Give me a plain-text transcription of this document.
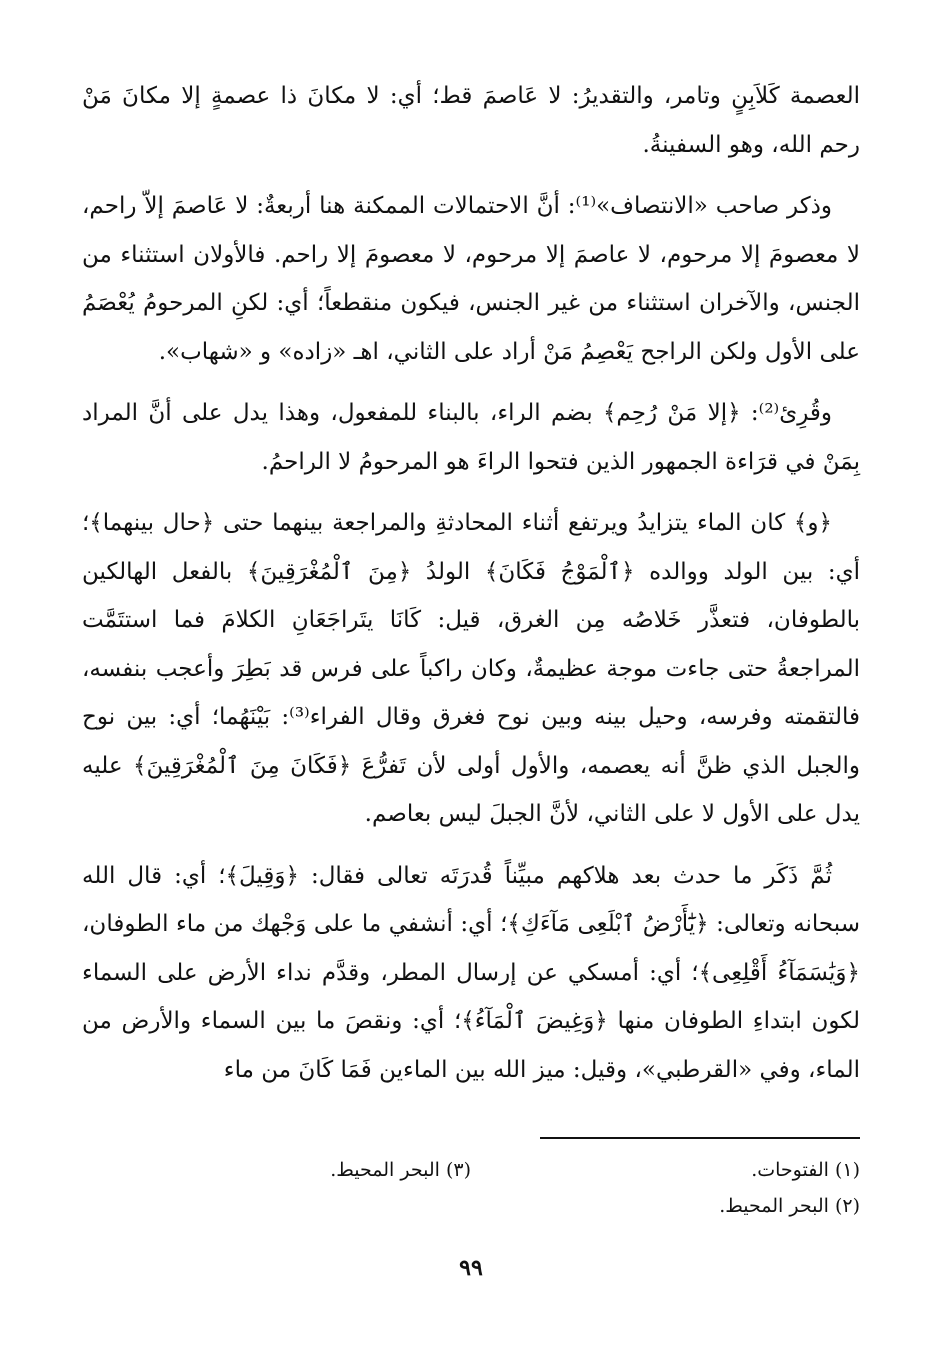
العصمة كَلاَبِنٍ وتامر، والتقديرُ: لا عَاصمَ قط؛ أي: لا مكانَ ذا عصمةٍ إلا مكانَ مَنْ رحم الله، وهو السفينةُ.

وذكر صاحب «الانتصاف»⁽¹⁾: أنَّ الاحتمالات الممكنة هنا أربعةٌ: لا عَاصمَ إلاّ راحم، لا معصومَ إلا مرحوم، لا عاصمَ إلا مرحوم، لا معصومَ إلا راحم. فالأولان استثناء من الجنس، والآخران استثناء من غير الجنس، فيكون منقطعاً؛ أي: لكنِ المرحومُ يُعْصَمُ على الأول ولكن الراجح يَعْصِمُ مَنْ أراد على الثاني، اهـ «زاده» و «شهاب».

وقُرِئ⁽²⁾: ﴿إلا مَنْ رُحِم﴾ بضم الراء، بالبناء للمفعول، وهذا يدل على أنَّ المراد بِمَنْ في قرَاءة الجمهور الذين فتحوا الراءَ هو المرحومُ لا الراحمُ.

﴿و﴾ كان الماء يتزايدُ ويرتفع أثناء المحادثةِ والمراجعة بينهما حتى ﴿حال بينهما﴾؛ أي: بين الولد ووالده ﴿ٱلْمَوْجُ فَكَانَ﴾ الولدُ ﴿مِنَ ٱلْمُغْرَقِينَ﴾ بالفعل الهالكين بالطوفان، فتعذَّر خَلاصُه مِن الغرق، قيل: كَانَا يتَراجَعَانِ الكلامَ فما استتَمَّت المراجعةُ حتى جاءت موجة عظيمةٌ، وكان راكباً على فرس قد بَطِرَ وأعجب بنفسه، فالتقمته وفرسه، وحيل بينه وبين نوح فغرق وقال الفراء⁽³⁾: بَيْنَهُما؛ أي: بين نوح والجبل الذي ظنَّ أنه يعصمه، والأول أولى لأن تَفرُّعَ ﴿فَكَانَ مِنَ ٱلْمُغْرَقِينَ﴾ عليه يدل على الأول لا على الثاني، لأنَّ الجبلَ ليس بعاصم.

ثُمَّ ذَكَر ما حدث بعد هلاكهم مبيِّناً قُدرَتَه تعالى فقال: ﴿وَقِيلَ﴾؛ أي: قال الله سبحانه وتعالى: ﴿يَٰٓأَرْضُ ٱبْلَعِى مَآءَكِ﴾؛ أي: أنشفي ما على وَجْهك من ماء الطوفان، ﴿وَيَٰسَمَآءُ أَقْلِعِى﴾؛ أي: أمسكي عن إرسال المطر، وقدَّم نداء الأرض على السماء لكون ابتداءِ الطوفان منها ﴿وَغِيضَ ٱلْمَآءُ﴾؛ أي: ونقصَ ما بين السماء والأرض من الماء، وفي «القرطبي»، وقيل: ميز الله بين الماءين فَمَا كَانَ من ماء

(١) الفتوحات.
(٣) البحر المحيط.
(٢) البحر المحيط.
٩٩
